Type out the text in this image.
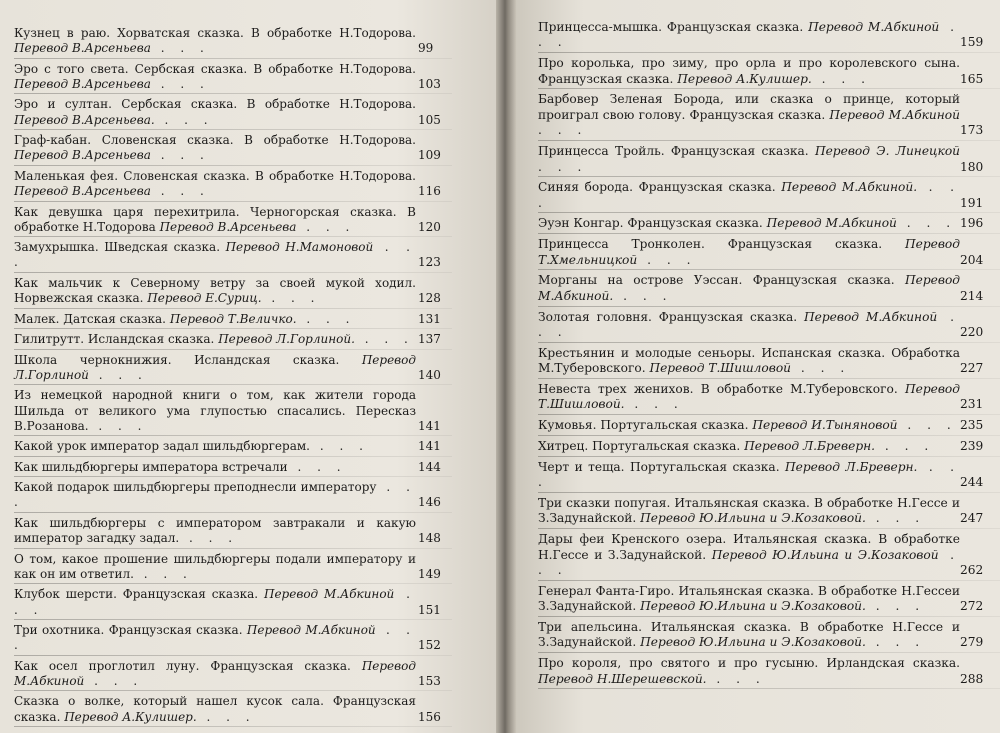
Кузнец в раю. Хорватская сказка. В обработке Н.Тодорова. Перевод В.Арсеньева . . .	99
Эро с того света. Сербская сказка. В обработке Н.Тодорова. Перевод В.Арсеньева . . .	103
Эро и султан. Сербская сказка. В обработке Н.Тодорова. Перевод В.Арсеньева. . . .	105
Граф-кабан. Словенская сказка. В обработке Н.Тодорова. Перевод В.Арсеньева . . .	109
Маленькая фея. Словенская сказка. В обработке Н.Тодорова. Перевод В.Арсеньева . . .	116
Как девушка царя перехитрила. Черногорская сказка. В обработке Н.Тодорова Перевод В.Арсеньева . . .	120
Замухрышка. Шведская сказка. Перевод Н.Мамоновой . . .	123
Как мальчик к Северному ветру за своей мукой ходил. Норвежская сказка. Перевод Е.Суриц. . . .	128
Малек. Датская сказка. Перевод Т.Величко. . . .	131
Гилитрутт. Исландская сказка. Перевод Л.Горлиной. . . . 137
Школа чернокнижия. Исландская сказка. Перевод Л.Горлиной . . .	140
Из немецкой народной книги о том, как жители города Шильда от великого ума глупостью спасались. Пересказ В.Розанова. . . .	141
Какой урок император задал шильдбюргерам. . . .	141
Как шильдбюргеры императора встречали . . .	144
Какой подарок шильдбюргеры преподнесли императору . . .	146
Как шильдбюргеры с императором завтракали и какую император загадку задал. . . .	148
О том, какое прошение шильдбюргеры подали императору и как он им ответил. . . .	149
Клубок шерсти. Французская сказка. Перевод М.Абкиной . . .	151
Три охотника. Французская сказка. Перевод М.Абкиной . . .	152
Как осел проглотил луну. Французская сказка. Перевод М.Абкиной . . .	153
Сказка о волке, который нашел кусок сала. Французская сказка. Перевод А.Кулишер. . . .	156
Принцесса-мышка. Французская сказка. Перевод М.Абкиной . . .	159
Про королька, про зиму, про орла и про королевского сына. Французская сказка. Перевод А.Кулишер. . . .	165
Барбовер Зеленая Борода, или сказка о принце, который проиграл свою голову. Французская сказка. Перевод М.Абкиной . . .	173
Принцесса Тройль. Французская сказка. Перевод Э. Линецкой . . .	180
Синяя борода. Французская сказка. Перевод М.Абкиной. . . .	191
Эуэн Конгар. Французская сказка. Перевод М.Абкиной . . . 196
Принцесса Тронколен. Французская сказка. Перевод Т.Хмельницкой . . .	204
Морганы на острове Уэссан. Французская сказка. Перевод М.Абкиной. . . .	214
Золотая головня. Французская сказка. Перевод М.Абкиной . . .	220
Крестьянин и молодые сеньоры. Испанская сказка. Обработка М.Туберовского. Перевод Т.Шишловой . . .	227
Невеста трех женихов. В обработке М.Туберовского. Перевод Т.Шишловой. . . .	231
Кумовья. Португальская сказка. Перевод И.Тыняновой . . . 235
Хитрец. Португальская сказка. Перевод Л.Бреверн. . . . 239
Черт и теща. Португальская сказка. Перевод Л.Бреверн. . . .	244
Три сказки попугая. Итальянская сказка. В обработке Н.Гессе и З.Задунайской. Перевод Ю.Ильина и Э.Козаковой. . . .	247
Дары феи Кренского озера. Итальянская сказка. В обработке Н.Гессе и З.Задунайской. Перевод Ю.Ильина и Э.Козаковой . . .	262
Генерал Фанта-Гиро. Итальянская сказка. В обработке Н.Гессеи З.Задунайской. Перевод Ю.Ильина и Э.Козаковой. . . .	272
Три апельсина. Итальянская сказка. В обработке Н.Гессе и З.Задунайской. Перевод Ю.Ильина и Э.Козаковой. . . .	279
Про короля, про святого и про гусыню. Ирландская сказка. Перевод Н.Шерешевской. . . .	288
